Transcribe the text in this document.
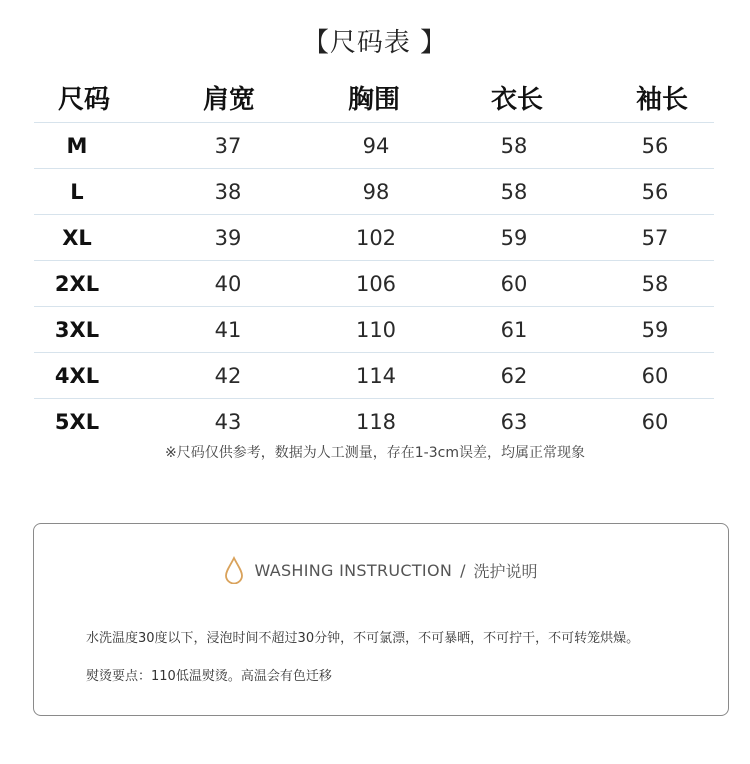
【尺码表 】
尺码	肩宽	胸围	衣长	袖长
M	37	94	58	56
L	38	98	58	56
XL	39	102	59	57
2XL	40	106	60	58
3XL	41	110	61	59
4XL	42	114	62	60
5XL	43	118	63	60
※尺码仅供参考，数据为人工测量，存在1-3cm误差，均属正常现象
WASHING INSTRUCTION / 洗护说明
水洗温度30度以下，浸泡时间不超过30分钟，不可氯漂，不可暴晒，不可拧干，不可转笼烘燥。
熨烫要点：110低温熨烫。高温会有色迁移
